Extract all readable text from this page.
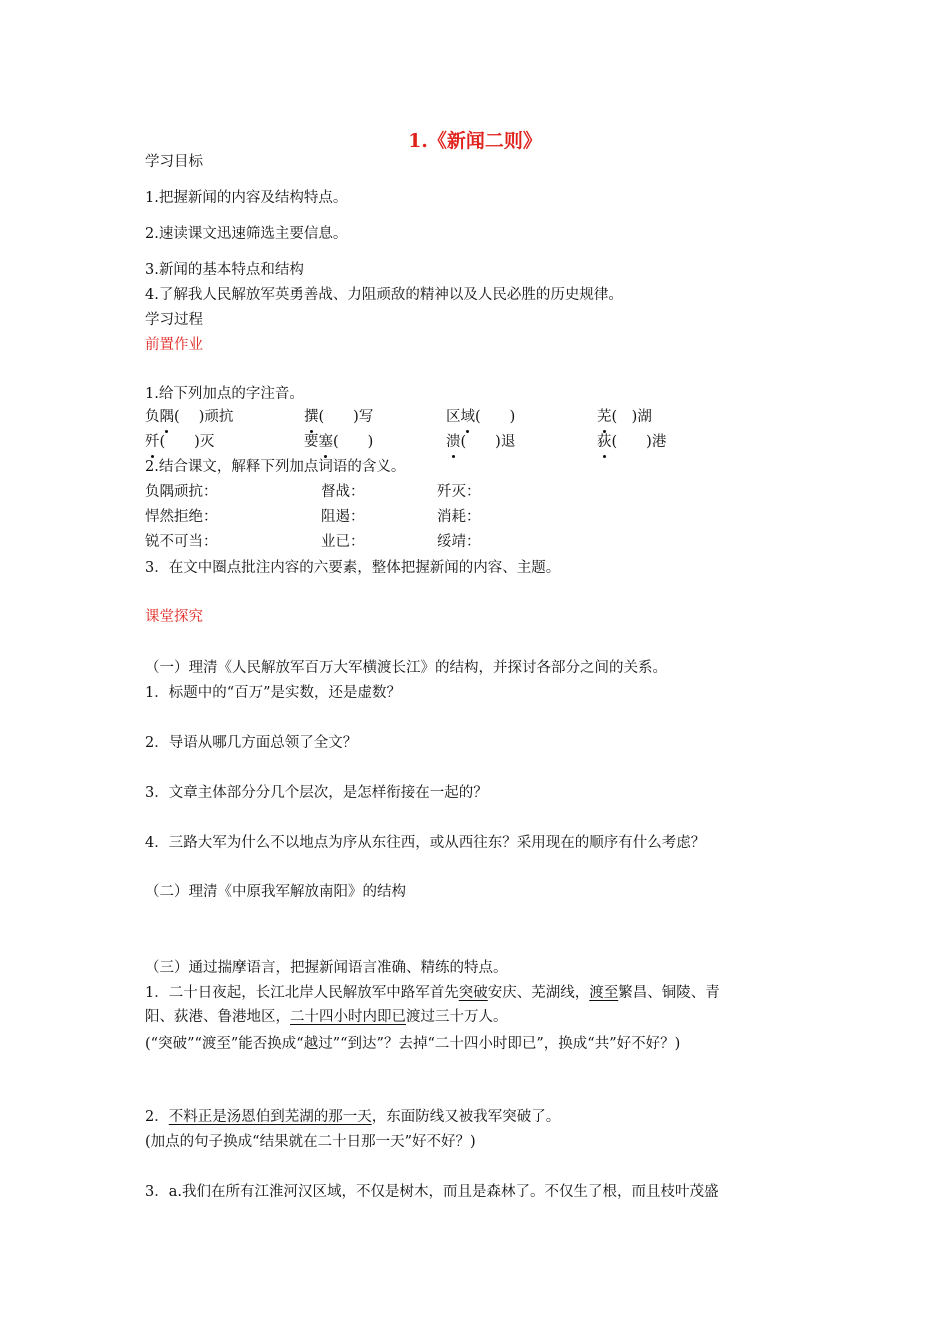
1.《新闻二则》
学习目标
1.把握新闻的内容及结构特点。
2.速读课文迅速筛选主要信息。
3.新闻的基本特点和结构
4.了解我人民解放军英勇善战、力阻顽敌的精神以及人民必胜的历史规律。
学习过程
前置作业
1.给下列加点的字注音。
负隅(　 )顽抗	撰(　　)写	区域(　　)	芜(　)湖
歼(　　)灭	要塞(　　)	溃(　　)退	荻(　　)港
2.结合课文，解释下列加点词语的含义。
负隅顽抗：	督战：	歼灭：
悍然拒绝：	阻遏：	消耗：
锐不可当：	业已：	绥靖：
3．在文中圈点批注内容的六要素，整体把握新闻的内容、主题。
课堂探究
（一）理清《人民解放军百万大军横渡长江》的结构，并探讨各部分之间的关系。
1．标题中的“百万”是实数，还是虚数？
2．导语从哪几方面总领了全文？
3．文章主体部分分几个层次，是怎样衔接在一起的？
4．三路大军为什么不以地点为序从东往西，或从西往东？采用现在的顺序有什么考虑？
（二）理清《中原我军解放南阳》的结构
（三）通过揣摩语言，把握新闻语言准确、精练的特点。
1．二十日夜起，长江北岸人民解放军中路军首先突破安庆、芜湖线，渡至繁昌、铜陵、青
阳、荻港、鲁港地区，二十四小时内即已渡过三十万人。
(“突破”“渡至”能否换成“越过”“到达”？去掉“二十四小时即已”，换成“共”好不好？)
2．不料正是汤恩伯到芜湖的那一天，东面防线又被我军突破了。
(加点的句子换成“结果就在二十日那一天”好不好？)
3．a.我们在所有江淮河汉区域，不仅是树木，而且是森林了。不仅生了根，而且枝叶茂盛
